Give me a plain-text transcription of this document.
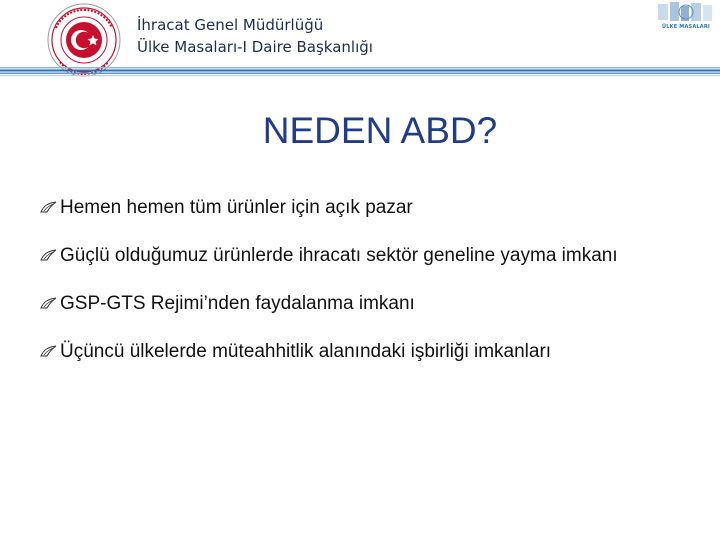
İhracat Genel Müdürlüğü
Ülke Masaları-I Daire Başkanlığı
ÜLKE MASALARI
NEDEN ABD?
Hemen hemen tüm ürünler için açık pazar
Güçlü olduğumuz ürünlerde ihracatı sektör geneline yayma imkanı
GSP-GTS Rejimi’nden faydalanma imkanı
Üçüncü ülkelerde müteahhitlik alanındaki işbirliği imkanları
